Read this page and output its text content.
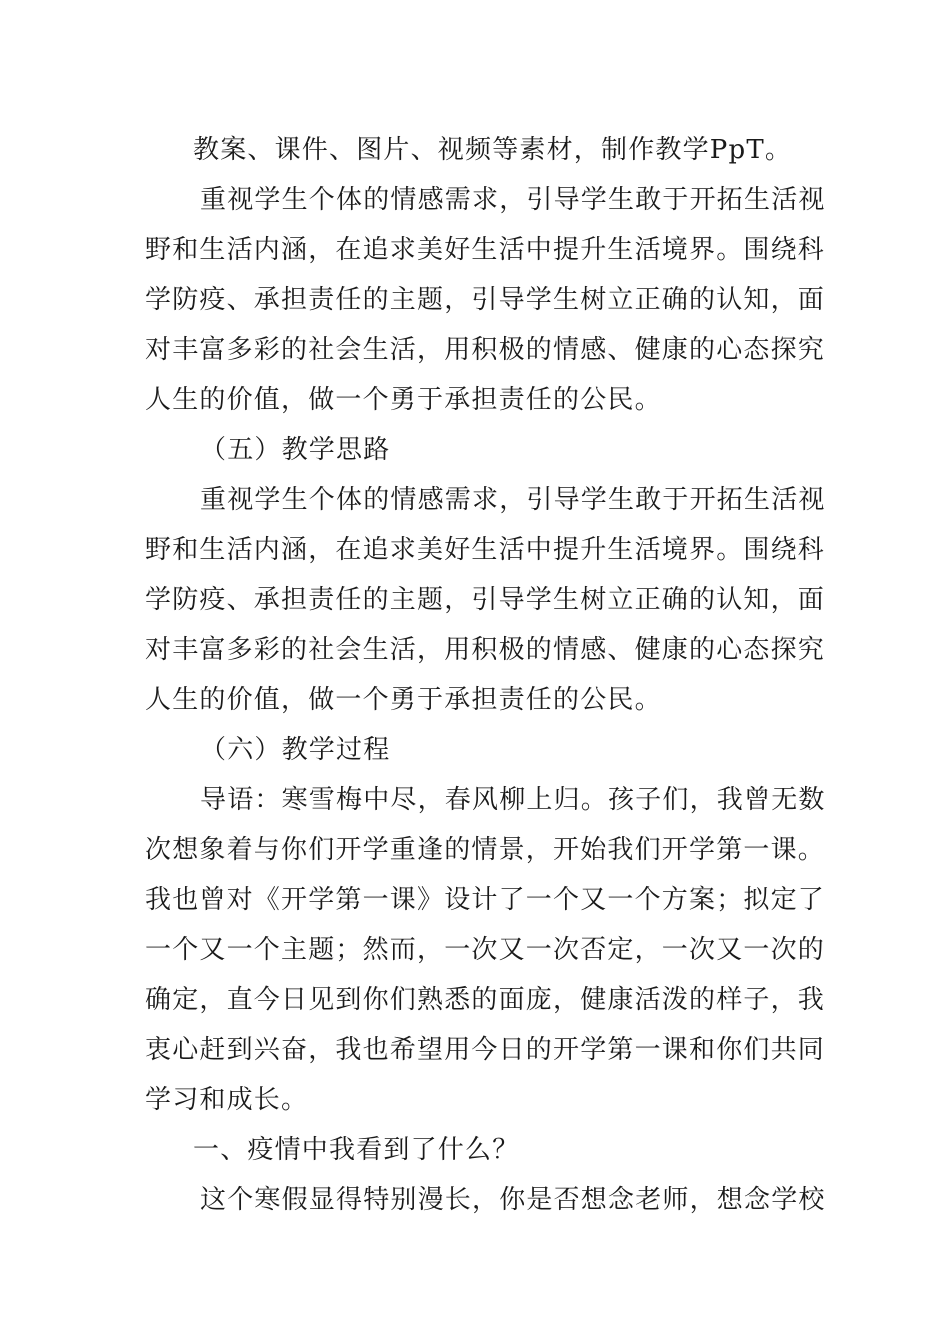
教案、课件、图片、视频等素材，制作教学PpT。
重视学生个体的情感需求，引导学生敢于开拓生活视
野和生活内涵，在追求美好生活中提升生活境界。围绕科
学防疫、承担责任的主题，引导学生树立正确的认知，面
对丰富多彩的社会生活，用积极的情感、健康的心态探究
人生的价值，做一个勇于承担责任的公民。
（五）教学思路
重视学生个体的情感需求，引导学生敢于开拓生活视
野和生活内涵，在追求美好生活中提升生活境界。围绕科
学防疫、承担责任的主题，引导学生树立正确的认知，面
对丰富多彩的社会生活，用积极的情感、健康的心态探究
人生的价值，做一个勇于承担责任的公民。
（六）教学过程
导语：寒雪梅中尽，春风柳上归。孩子们，我曾无数
次想象着与你们开学重逢的情景，开始我们开学第一课。
我也曾对《开学第一课》设计了一个又一个方案；拟定了
一个又一个主题；然而，一次又一次否定，一次又一次的
确定，直今日见到你们熟悉的面庞，健康活泼的样子，我
衷心赶到兴奋，我也希望用今日的开学第一课和你们共同
学习和成长。
一、疫情中我看到了什么？
这个寒假显得特别漫长，你是否想念老师，想念学校
